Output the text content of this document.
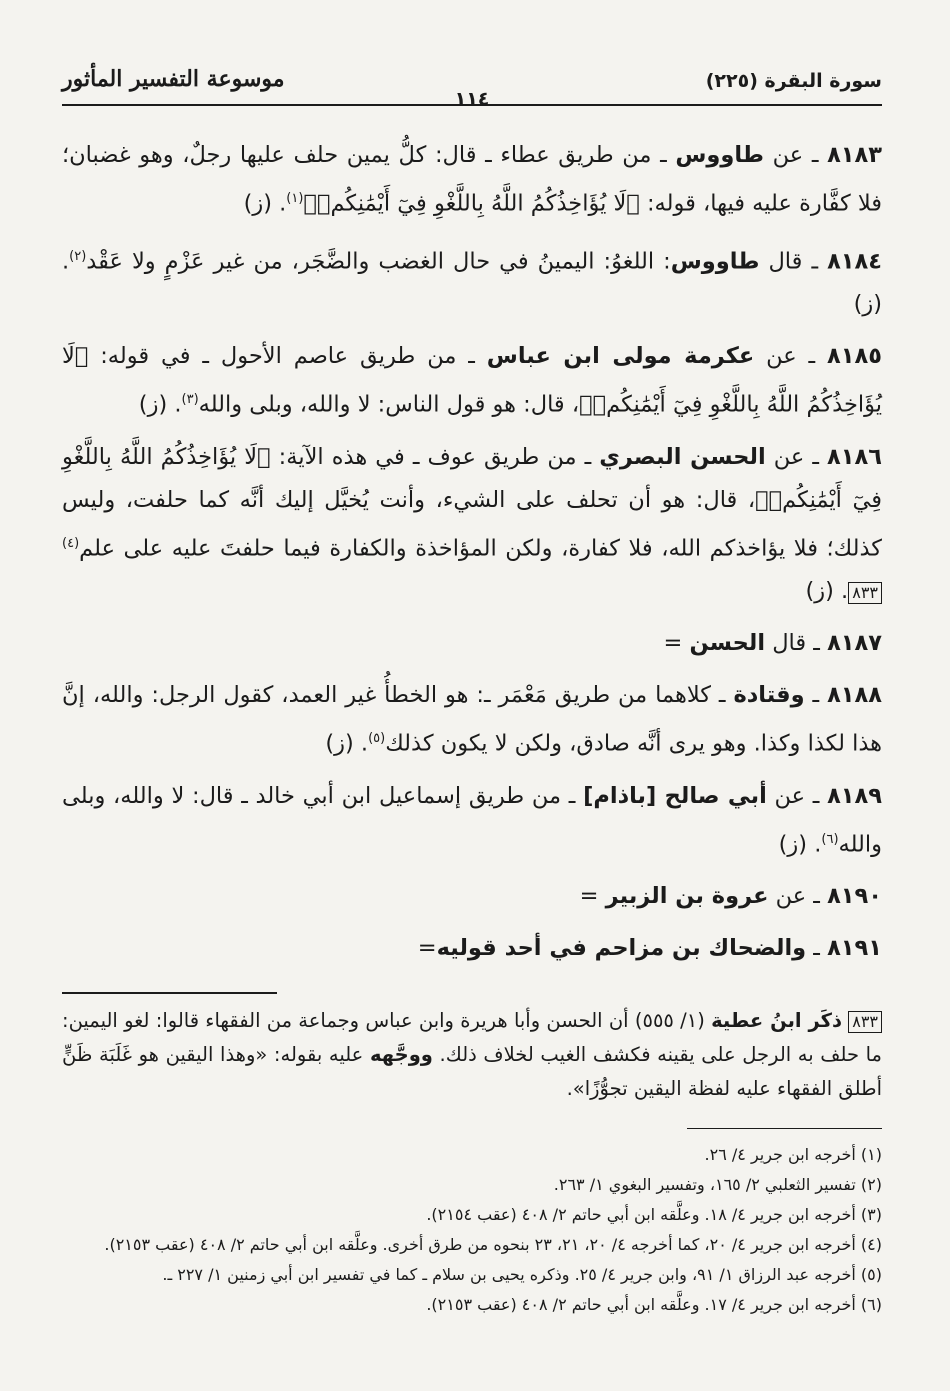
سورة البقرة (٢٢٥)
١١٤
موسوعة التفسير المأثور

٨١٨٣ ـ عن طاووس ـ من طريق عطاء ـ قال: كلُّ يمين حلف عليها رجلٌ، وهو غضبان؛ فلا كفَّارة عليه فيها، قوله: ﴿لَا يُؤَاخِذُكُمُ اللَّهُ بِاللَّغْوِ فِيٓ أَيْمَٰنِكُمۡ﴾$^{(١)}$. (ز)

٨١٨٤ ـ قال طاووس: اللغوُ: اليمينُ في حال الغضب والضَّجَر، من غير عَزْمٍ ولا عَقْد$^{(٢)}$. (ز)

٨١٨٥ ـ عن عكرمة مولى ابن عباس ـ من طريق عاصم الأحول ـ في قوله: ﴿لَا يُؤَاخِذُكُمُ اللَّهُ بِاللَّغْوِ فِيٓ أَيْمَٰنِكُمۡ﴾، قال: هو قول الناس: لا والله، وبلى والله$^{(٣)}$. (ز)

٨١٨٦ ـ عن الحسن البصري ـ من طريق عوف ـ في هذه الآية: ﴿لَا يُؤَاخِذُكُمُ اللَّهُ بِاللَّغْوِ فِيٓ أَيْمَٰنِكُمۡ﴾، قال: هو أن تحلف على الشيء، وأنت يُخيَّل إليك أنَّه كما حلفت، وليس كذلك؛ فلا يؤاخذكم الله، فلا كفارة، ولكن المؤاخذة والكفارة فيما حلفتَ عليه على علم$^{(٤)}$٨٣٣. (ز)

٨١٨٧ ـ قال الحسن =

٨١٨٨ ـ وقتادة ـ كلاهما من طريق مَعْمَر ـ: هو الخطأُ غير العمد، كقول الرجل: والله، إنَّ هذا لكذا وكذا. وهو يرى أنَّه صادق، ولكن لا يكون كذلك$^{(٥)}$. (ز)

٨١٨٩ ـ عن أبي صالح [باذام] ـ من طريق إسماعيل ابن أبي خالد ـ قال: لا والله، وبلى والله$^{(٦)}$. (ز)

٨١٩٠ ـ عن عروة بن الزبير =

٨١٩١ ـ والضحاك بن مزاحم في أحد قوليه=

٨٣٣ ذكَر ابنُ عطية (١/ ٥٥٥) أن الحسن وأبا هريرة وابن عباس وجماعة من الفقهاء قالوا: لغو اليمين: ما حلف به الرجل على يقينه فكشف الغيب لخلاف ذلك. ووجَّهه عليه بقوله: «وهذا اليقين هو غَلَبَة ظَنٍّ أطلق الفقهاء عليه لفظة اليقين تجوُّزًا».
(١) أخرجه ابن جرير ٤/ ٢٦.
(٢) تفسير الثعلبي ٢/ ١٦٥، وتفسير البغوي ١/ ٢٦٣.
(٣) أخرجه ابن جرير ٤/ ١٨. وعلَّقه ابن أبي حاتم ٢/ ٤٠٨ (عقب ٢١٥٤).
(٤) أخرجه ابن جرير ٤/ ٢٠، كما أخرجه ٤/ ٢٠، ٢١، ٢٣ بنحوه من طرق أخرى. وعلَّقه ابن أبي حاتم ٢/ ٤٠٨ (عقب ٢١٥٣).
(٥) أخرجه عبد الرزاق ١/ ٩١، وابن جرير ٤/ ٢٥. وذكره يحيى بن سلام ـ كما في تفسير ابن أبي زمنين ١/ ٢٢٧ ـ.
(٦) أخرجه ابن جرير ٤/ ١٧. وعلَّقه ابن أبي حاتم ٢/ ٤٠٨ (عقب ٢١٥٣).
